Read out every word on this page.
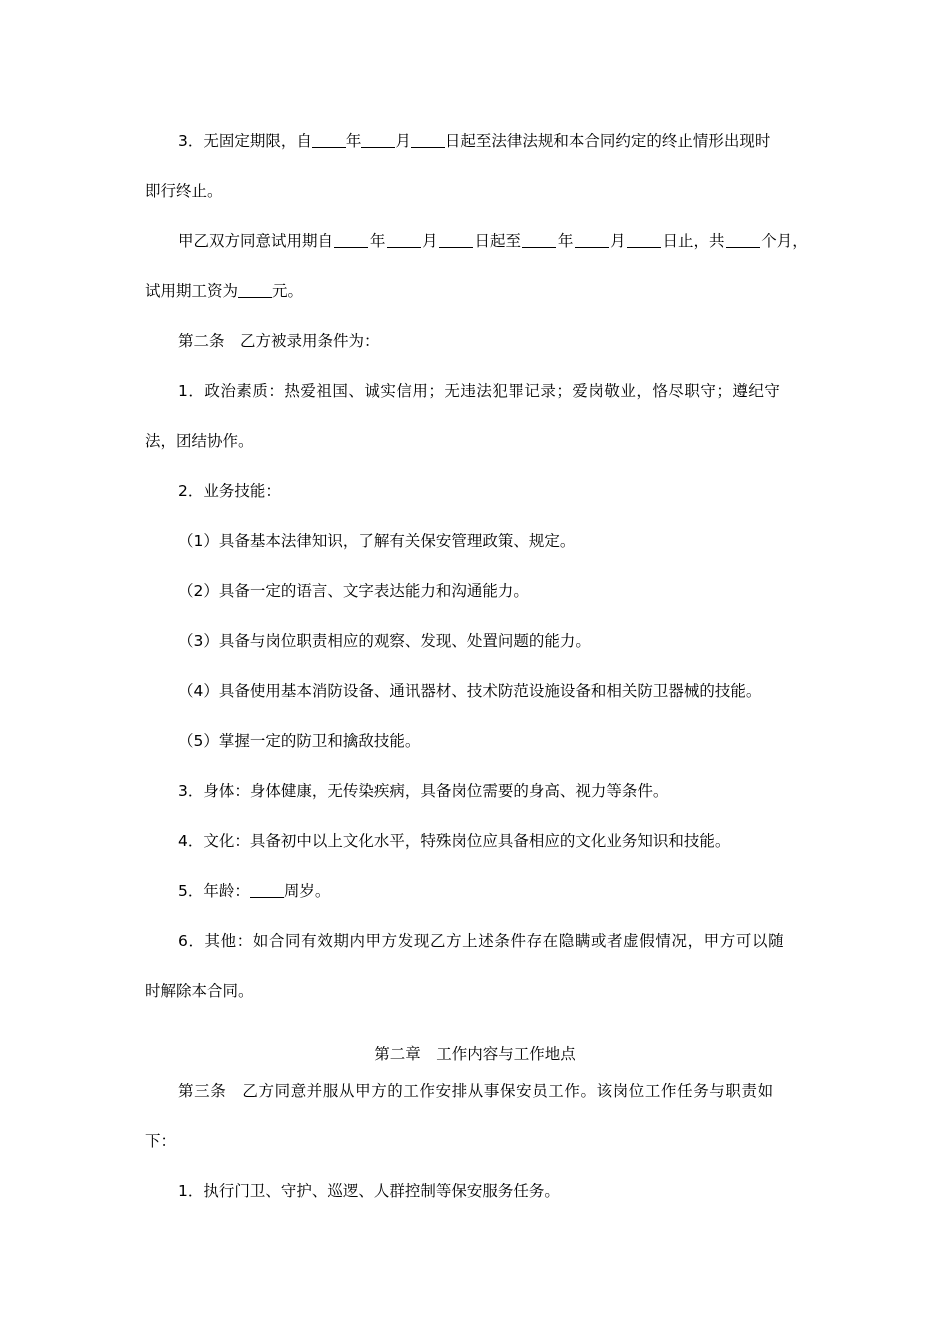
3．无固定期限，自 年 月 日起至法律法规和本合同约定的终止情形出现时
即行终止。
甲乙双方同意试用期自 年 月 日起至 年 月 日止，共 个月，
试用期工资为 元。
第二条　乙方被录用条件为：
1．政治素质：热爱祖国、诚实信用；无违法犯罪记录；爱岗敬业，恪尽职守；遵纪守
法，团结协作。
2．业务技能：
（1）具备基本法律知识，了解有关保安管理政策、规定。
（2）具备一定的语言、文字表达能力和沟通能力。
（3）具备与岗位职责相应的观察、发现、处置问题的能力。
（4）具备使用基本消防设备、通讯器材、技术防范设施设备和相关防卫器械的技能。
（5）掌握一定的防卫和擒敌技能。
3．身体：身体健康，无传染疾病，具备岗位需要的身高、视力等条件。
4．文化：具备初中以上文化水平，特殊岗位应具备相应的文化业务知识和技能。
5．年龄： 周岁。
6．其他：如合同有效期内甲方发现乙方上述条件存在隐瞒或者虚假情况，甲方可以随
时解除本合同。
第二章　工作内容与工作地点
第三条　乙方同意并服从甲方的工作安排从事保安员工作。该岗位工作任务与职责如
下：
1．执行门卫、守护、巡逻、人群控制等保安服务任务。
